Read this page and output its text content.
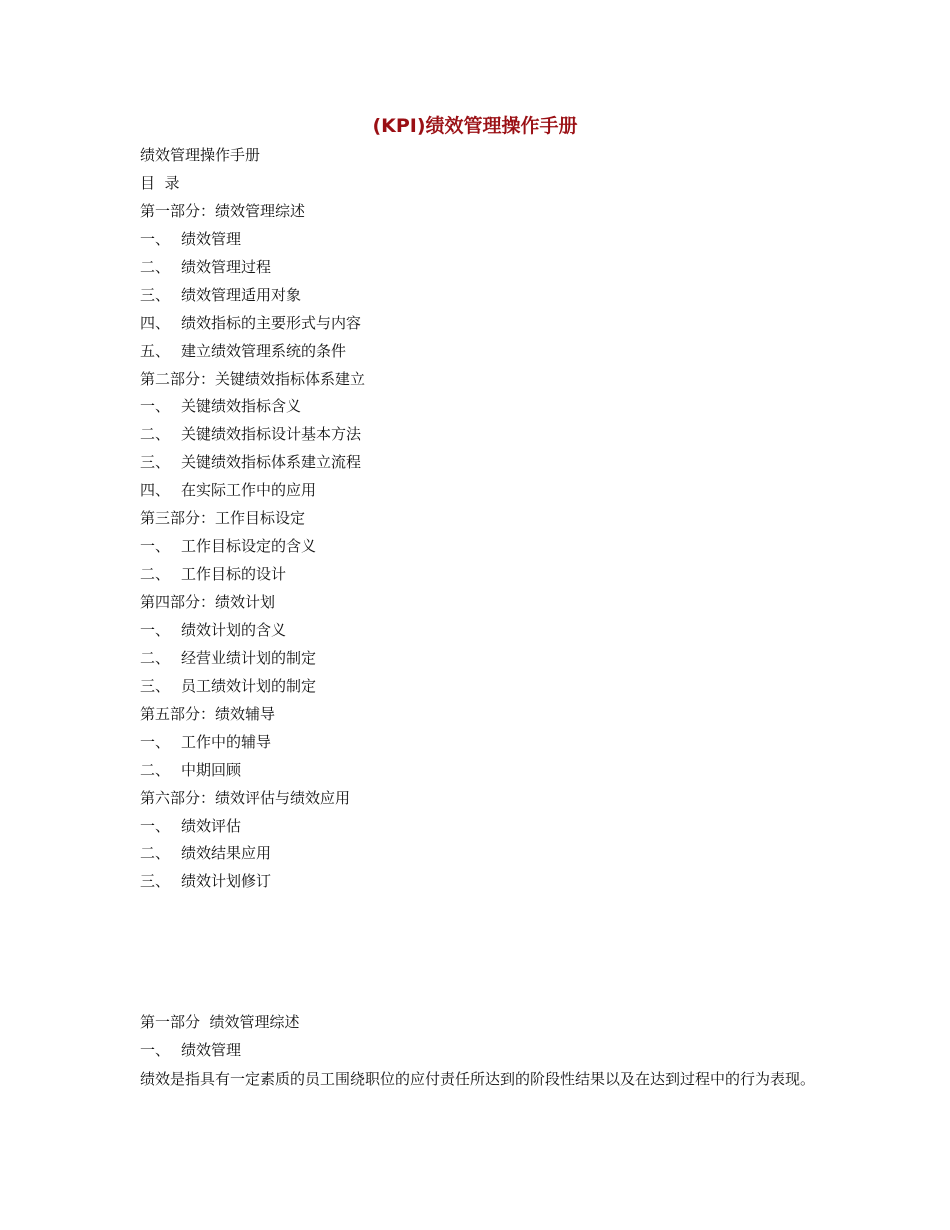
(KPI)绩效管理操作手册
绩效管理操作手册
目  录
第一部分：绩效管理综述
一、 绩效管理
二、 绩效管理过程
三、 绩效管理适用对象
四、 绩效指标的主要形式与内容
五、 建立绩效管理系统的条件
第二部分：关键绩效指标体系建立
一、 关键绩效指标含义
二、 关键绩效指标设计基本方法
三、 关键绩效指标体系建立流程
四、 在实际工作中的应用
第三部分：工作目标设定
一、 工作目标设定的含义
二、 工作目标的设计
第四部分：绩效计划
一、 绩效计划的含义
二、 经营业绩计划的制定
三、 员工绩效计划的制定
第五部分：绩效辅导
一、 工作中的辅导
二、 中期回顾
第六部分：绩效评估与绩效应用
一、 绩效评估
二、 绩效结果应用
三、 绩效计划修订
第一部分  绩效管理综述
一、 绩效管理

绩效是指具有一定素质的员工围绕职位的应付责任所达到的阶段性结果以及在达到过程中的行为表现。
